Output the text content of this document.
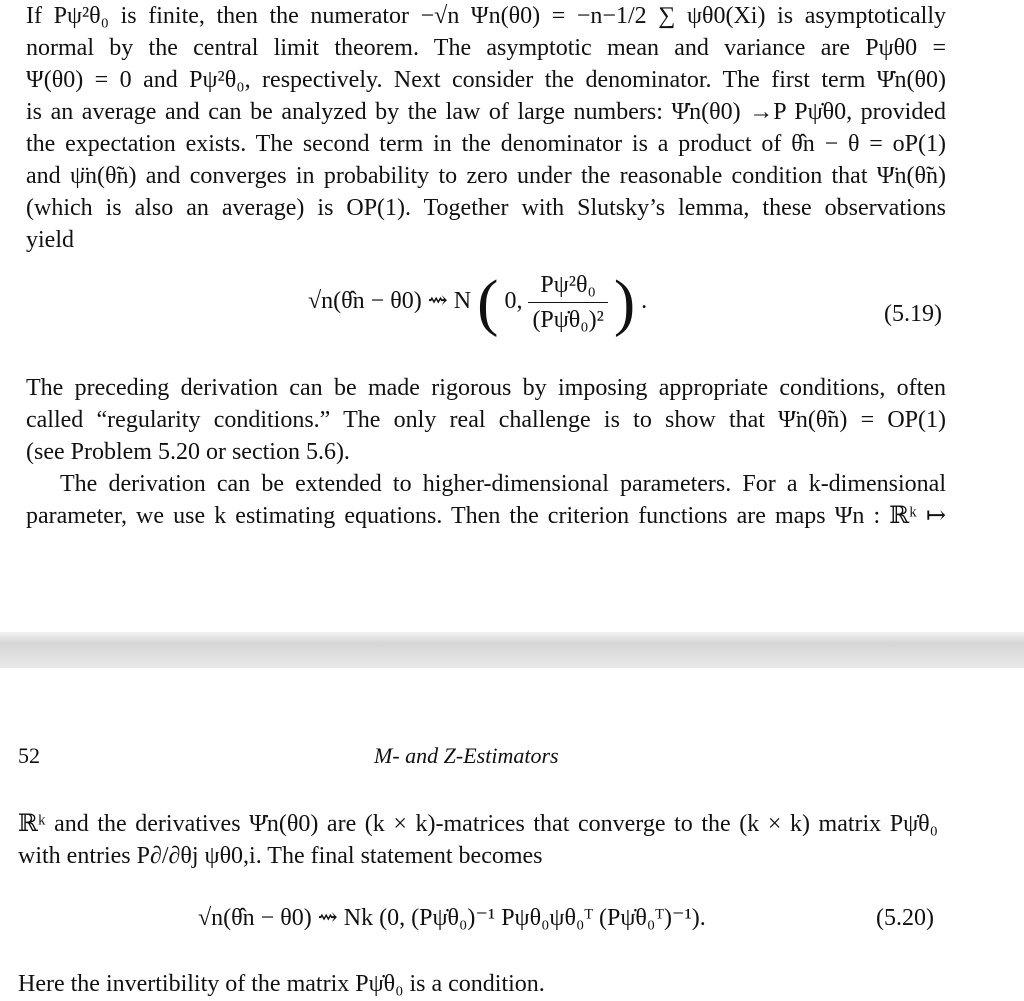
If Pψ²θ₀ is finite, then the numerator −√n Ψn(θ0) = −n−1/2 ∑ ψθ0(Xi) is asymptotically
normal by the central limit theorem. The asymptotic mean and variance are Pψθ0 =
Ψ(θ0) = 0 and Pψ²θ₀, respectively. Next consider the denominator. The first term Ψ̇n(θ0)
is an average and can be analyzed by the law of large numbers: Ψ̇n(θ0) →P Pψ̇θ0, provided
the expectation exists. The second term in the denominator is a product of θ̂n − θ = oP(1)
and ψ̈n(θ̃n) and converges in probability to zero under the reasonable condition that Ψ̈n(θ̃n)
(which is also an average) is OP(1). Together with Slutsky’s lemma, these observations
yield
√n(θ̂n − θ0) ⇝ N ( 0, $\frac{\text{Pψ²θ₀}}{\text{(Pψ̇θ₀)²}}$ ) .	(5.19)
The preceding derivation can be made rigorous by imposing appropriate conditions, often
called “regularity conditions.” The only real challenge is to show that Ψ̈n(θ̃n) = OP(1)
(see Problem 5.20 or section 5.6).
The derivation can be extended to higher-dimensional parameters. For a k-dimensional
parameter, we use k estimating equations. Then the criterion functions are maps Ψn : ℝᵏ ↦
52	M- and Z-Estimators
ℝᵏ and the derivatives Ψ̇n(θ0) are (k × k)-matrices that converge to the (k × k) matrix Pψ̇θ₀
with entries P∂/∂θj ψθ0,i. The final statement becomes
√n(θ̂n − θ0) ⇝ Nk (0, (Pψ̇θ₀)⁻¹ Pψθ₀ψθ₀ᵀ (Pψ̇θ₀ᵀ)⁻¹).	(5.20)
Here the invertibility of the matrix Pψ̇θ₀ is a condition.
